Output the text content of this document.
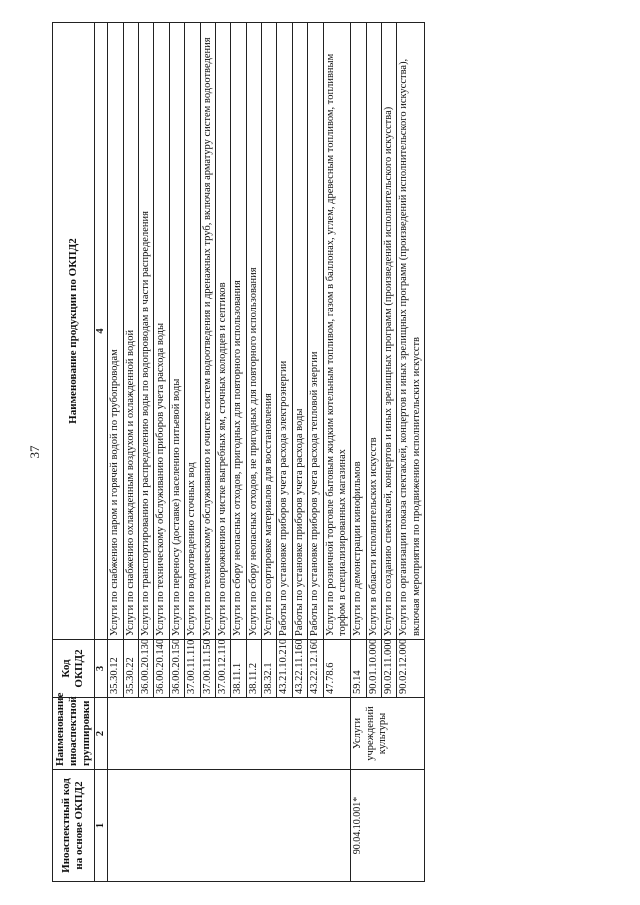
37
Иноаспектный код на основе ОКПД2	Наименование иноаспектной группировки	Код ОКПД2	Наименование продукции по ОКПД2
1	2	3	4
		35.30.12	Услуги по снабжению паром и горячей водой по трубопроводам
		35.30.22	Услуги по снабжению охлажденным воздухом и охлажденной водой
		36.00.20.130	Услуги по транспортированию и распределению воды по водопроводам в части распределения
		36.00.20.140	Услуги по техническому обслуживанию приборов учета расхода воды
		36.00.20.150	Услуги по переносу (доставке) населению питьевой воды
		37.00.11.110	Услуги по водоотведению сточных вод
		37.00.11.150	Услуги по техническому обслуживанию и очистке систем водоотведения и дренажных труб, включая арматуру систем водоотведения
		37.00.12.110	Услуги по опорожнению и чистке выгребных ям, сточных колодцев и септиков
		38.11.1	Услуги по сбору неопасных отходов, пригодных для повторного использования
		38.11.2	Услуги по сбору неопасных отходов, не пригодных для повторного использования
		38.32.1	Услуги по сортировке материалов для восстановления
		43.21.10.210	Работы по установке приборов учета расхода электроэнергии
		43.22.11.160	Работы по установке приборов учета расхода воды
		43.22.12.160	Работы по установке приборов учета расхода тепловой энергии
		47.78.6	Услуги по розничной торговле бытовым жидким котельным топливом, газом в баллонах, углем, древесным топливом, топливным торфом в специализированных магазинах
90.04.10.001*	Услуги учреждений культуры	59.14	Услуги по демонстрации кинофильмов
		90.01.10.000	Услуги в области исполнительских искусств
		90.02.11.000	Услуги по созданию спектаклей, концертов и иных зрелищных программ (произведений исполнительского искусства)
		90.02.12.000	Услуги по организации показа спектаклей, концертов и иных зрелищных программ (произведений исполнительского искусства), включая мероприятия по продвижению исполнительских искусств
